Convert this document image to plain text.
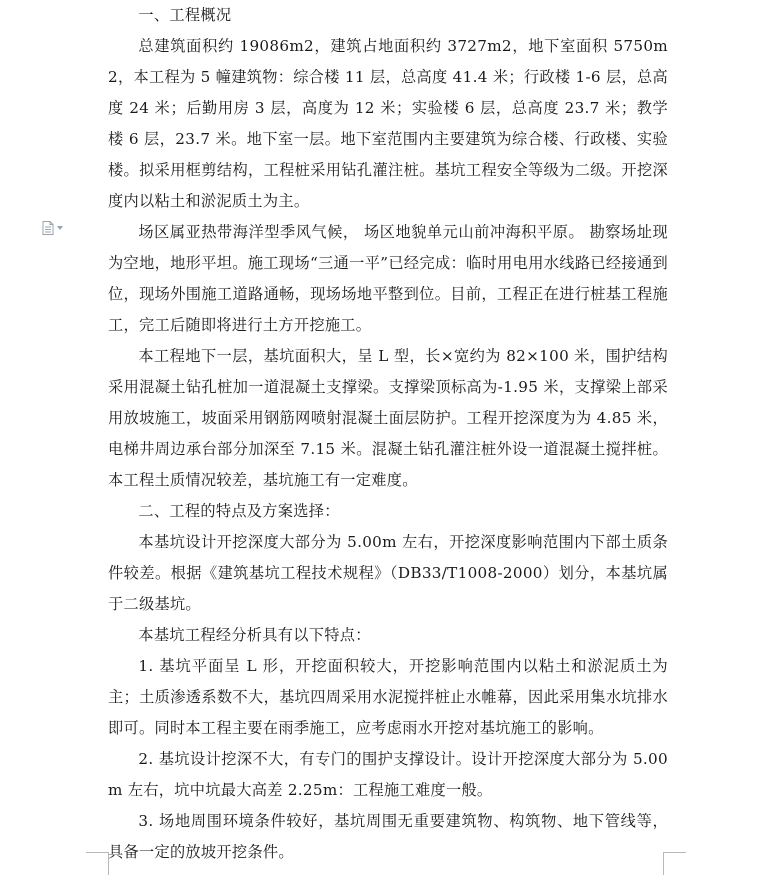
一、工程概况

总建筑面积约 19086m2，建筑占地面积约 3727m2，地下室面积 5750m2，本工程为 5 幢建筑物：综合楼 11 层，总高度 41.4 米；行政楼 1-6 层，总高度 24 米；后勤用房 3 层，高度为 12 米；实验楼 6 层，总高度 23.7 米；教学楼 6 层，23.7 米。地下室一层。地下室范围内主要建筑为综合楼、行政楼、实验楼。拟采用框剪结构，工程桩采用钻孔灌注桩。基坑工程安全等级为二级。开挖深度内以粘土和淤泥质土为主。

场区属亚热带海洋型季风气候， 场区地貌单元山前冲海积平原。 勘察场址现为空地，地形平坦。施工现场“三通一平”已经完成：临时用电用水线路已经接通到位，现场外围施工道路通畅，现场场地平整到位。目前，工程正在进行桩基工程施工，完工后随即将进行土方开挖施工。

本工程地下一层，基坑面积大，呈 L 型，长×宽约为 82×100 米，围护结构采用混凝土钻孔桩加一道混凝土支撑梁。支撑梁顶标高为-1.95 米，支撑梁上部采用放坡施工，坡面采用钢筋网喷射混凝土面层防护。工程开挖深度为为 4.85 米，电梯井周边承台部分加深至 7.15 米。混凝土钻孔灌注桩外设一道混凝土搅拌桩。本工程土质情况较差，基坑施工有一定难度。

二、工程的特点及方案选择：

本基坑设计开挖深度大部分为 5.00m 左右，开挖深度影响范围内下部土质条件较差。根据《建筑基坑工程技术规程》（DB33/T1008-2000）划分，本基坑属于二级基坑。

本基坑工程经分析具有以下特点：

1. 基坑平面呈 L 形，开挖面积较大，开挖影响范围内以粘土和淤泥质土为主；土质渗透系数不大，基坑四周采用水泥搅拌桩止水帷幕，因此采用集水坑排水即可。同时本工程主要在雨季施工，应考虑雨水开挖对基坑施工的影响。

2. 基坑设计挖深不大，有专门的围护支撑设计。设计开挖深度大部分为 5.00m 左右，坑中坑最大高差 2.25m：工程施工难度一般。

3. 场地周围环境条件较好，基坑周围无重要建筑物、构筑物、地下管线等，具备一定的放坡开挖条件。
